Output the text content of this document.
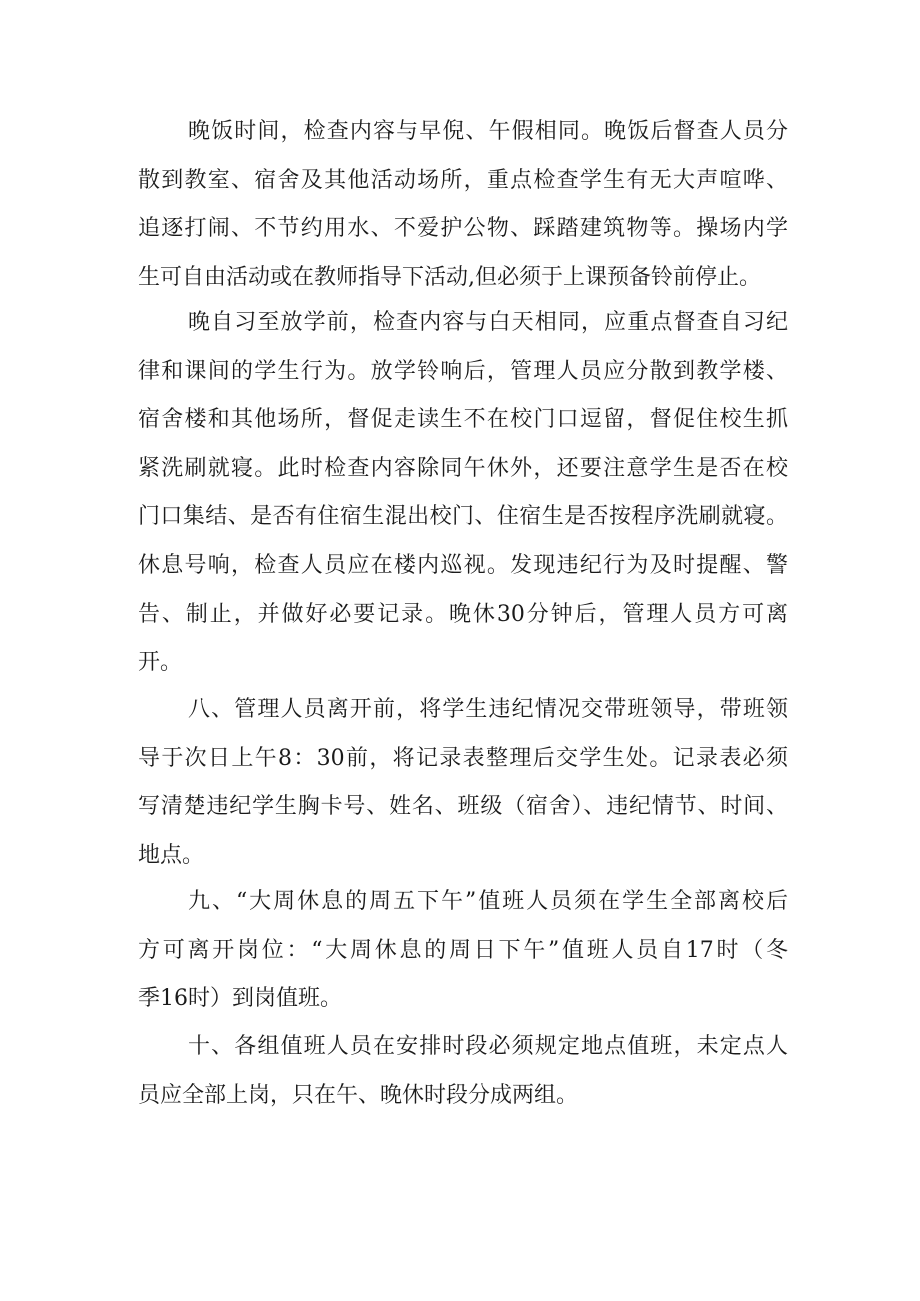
晚饭时间，检查内容与早倪、午假相同。晚饭后督查人员分
散到教室、宿舍及其他活动场所，重点检查学生有无大声喧哗、
追逐打闹、不节约用水、不爱护公物、踩踏建筑物等。操场内学
生可自由活动或在教师指导下活动,但必须于上课预备铃前停止。
晚自习至放学前，检查内容与白天相同，应重点督查自习纪
律和课间的学生行为。放学铃响后，管理人员应分散到教学楼、
宿舍楼和其他场所，督促走读生不在校门口逗留，督促住校生抓
紧洗刷就寝。此时检查内容除同午休外，还要注意学生是否在校
门口集结、是否有住宿生混出校门、住宿生是否按程序洗刷就寝。
休息号响，检查人员应在楼内巡视。发现违纪行为及时提醒、警
告、制止，并做好必要记录。晚休30分钟后，管理人员方可离
开。
八、管理人员离开前，将学生违纪情况交带班领导，带班领
导于次日上午8：30前，将记录表整理后交学生处。记录表必须
写清楚违纪学生胸卡号、姓名、班级（宿舍）、违纪情节、时间、
地点。
九、“大周休息的周五下午”值班人员须在学生全部离校后
方可离开岗位：“大周休息的周日下午”值班人员自17时（冬
季16时）到岗值班。
十、各组值班人员在安排时段必须规定地点值班，未定点人
员应全部上岗，只在午、晚休时段分成两组。
